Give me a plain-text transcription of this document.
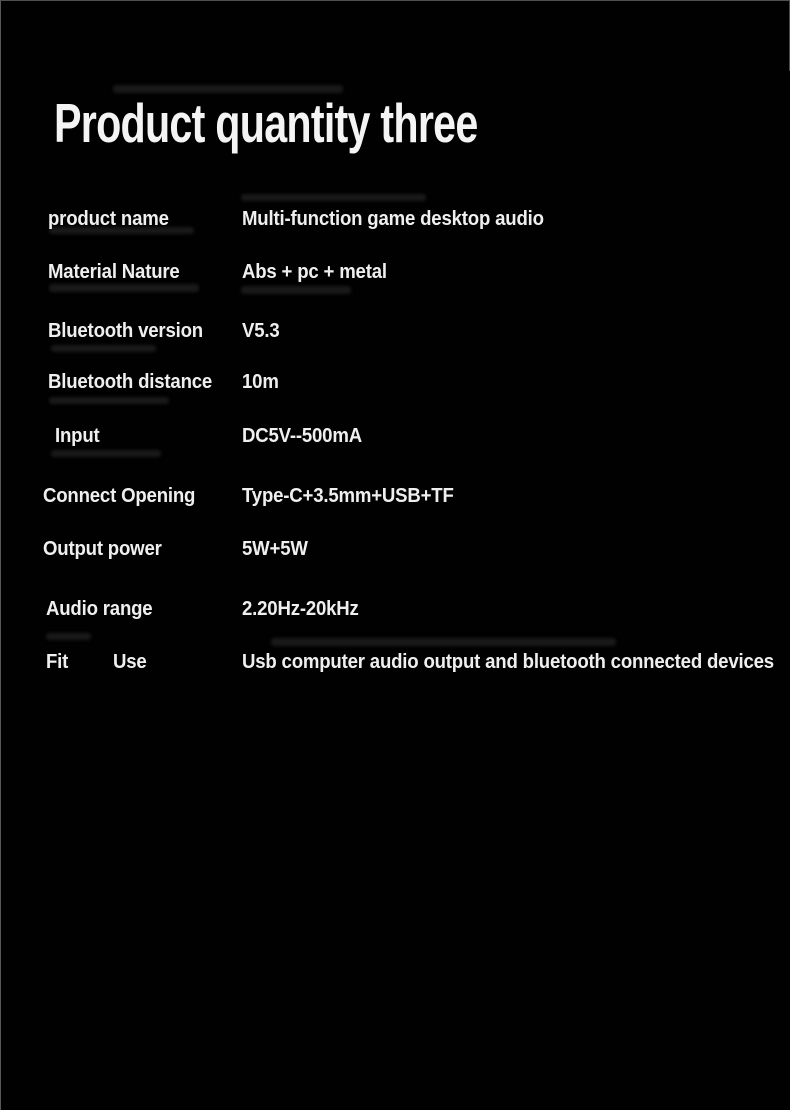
Product quantity three
product name	Multi-function game desktop audio
Material Nature	Abs + pc + metal
Bluetooth version V5.3
Bluetooth distance 10m
Input	DC5V--500mA
Connect Opening Type-C+3.5mm+USB+TF
Output power	5W+5W
Audio range	2.20Hz-20kHz
Fit         Use	Usb computer audio output and bluetooth connected devices
